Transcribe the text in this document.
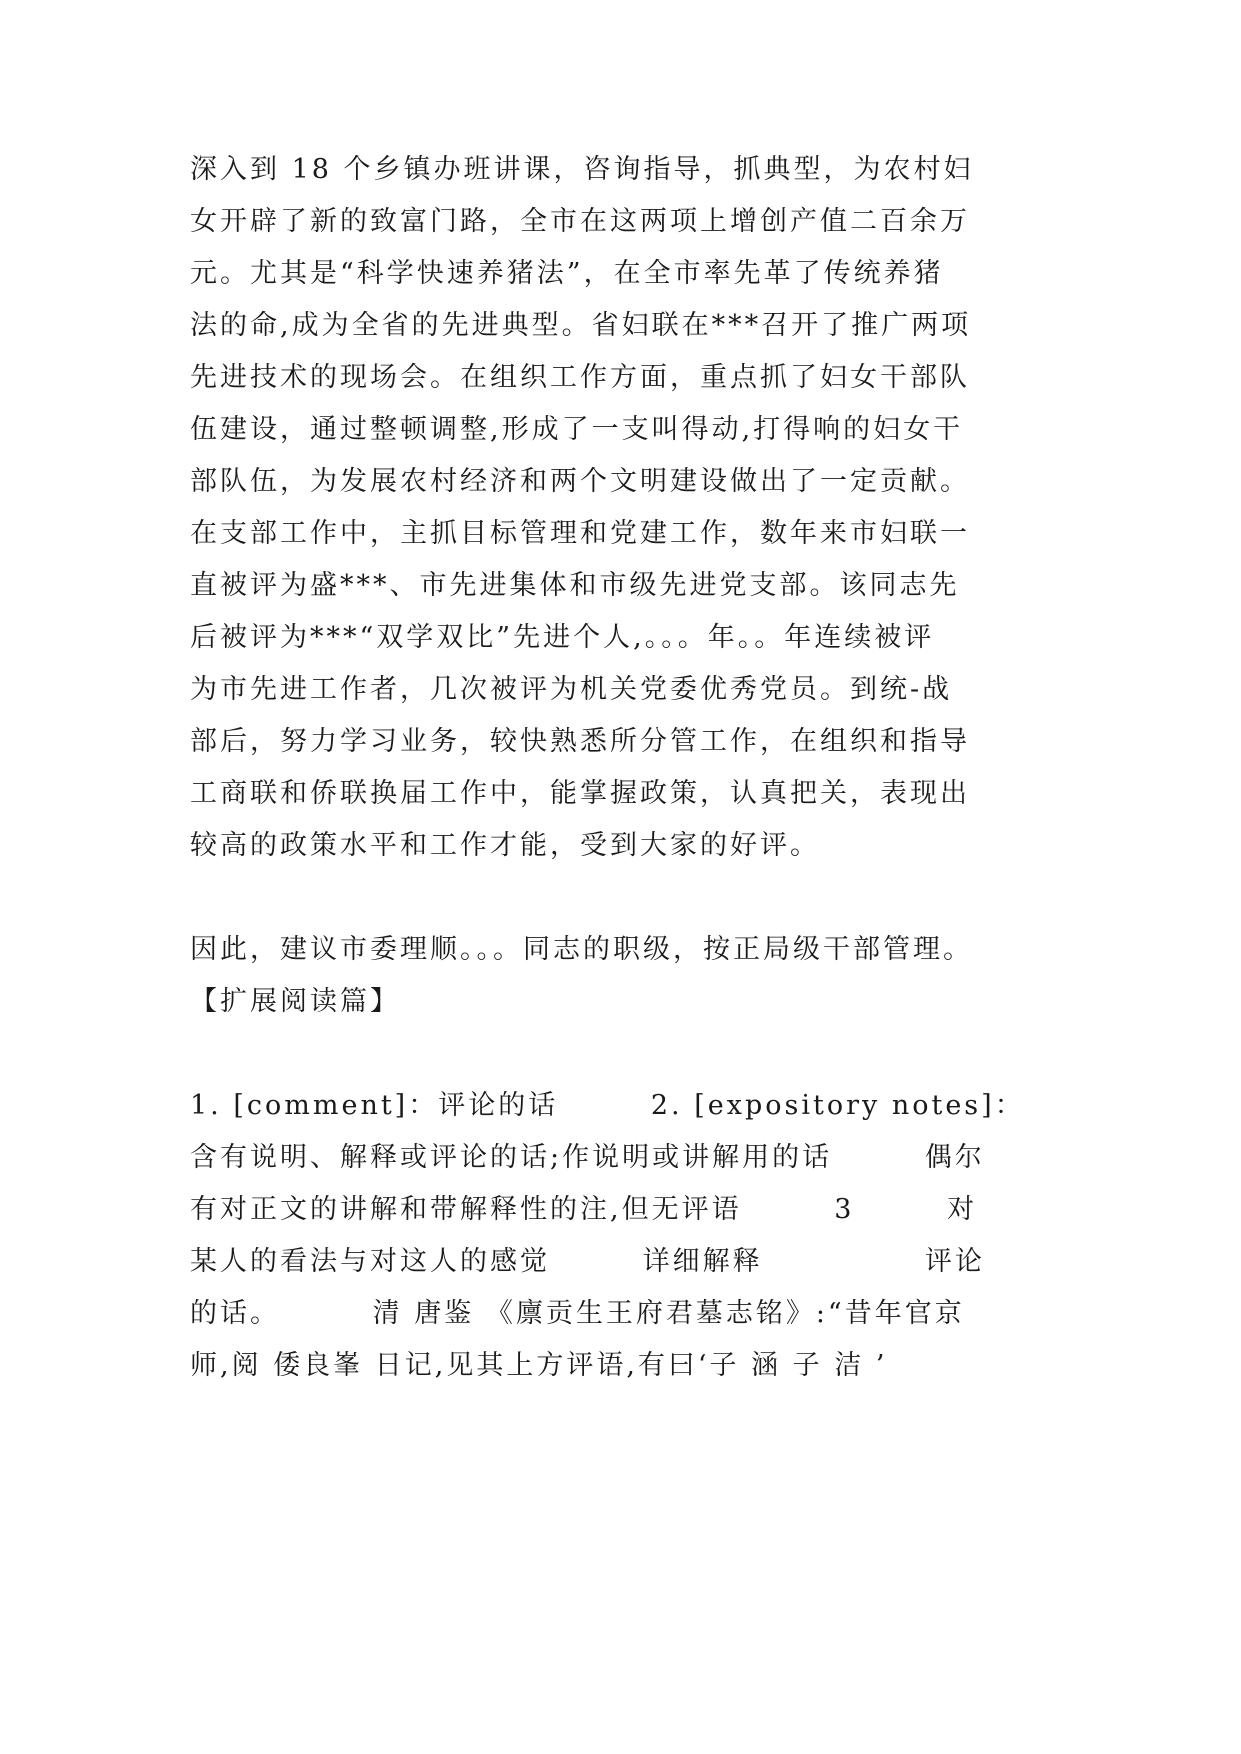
深入到 18 个乡镇办班讲课，咨询指导，抓典型，为农村妇
女开辟了新的致富门路，全市在这两项上增创产值二百余万
元。尤其是“科学快速养猪法”，在全市率先革了传统养猪
法的命,成为全省的先进典型。省妇联在***召开了推广两项
先进技术的现场会。在组织工作方面，重点抓了妇女干部队
伍建设，通过整顿调整,形成了一支叫得动,打得响的妇女干
部队伍，为发展农村经济和两个文明建设做出了一定贡献。
在支部工作中，主抓目标管理和党建工作，数年来市妇联一
直被评为盛***、市先进集体和市级先进党支部。该同志先
后被评为***“双学双比”先进个人,。。。年。。年连续被评
为市先进工作者，几次被评为机关党委优秀党员。到统-战
部后，努力学习业务，较快熟悉所分管工作，在组织和指导
工商联和侨联换届工作中，能掌握政策，认真把关，表现出
较高的政策水平和工作才能，受到大家的好评。
因此，建议市委理顺。。。同志的职级，按正局级干部管理。
【扩展阅读篇】
1. [comment]：评论的话        2. [expository notes]：
含有说明、解释或评论的话;作说明或讲解用的话        偶尔
有对正文的讲解和带解释性的注,但无评语        3        对
某人的看法与对这人的感觉        详细解释              评论
的话。        清 唐鉴 《廪贡生王府君墓志铭》:“昔年官京
师,阅 倭良峯 日记,见其上方评语,有曰‘子 涵 子 洁 ’
